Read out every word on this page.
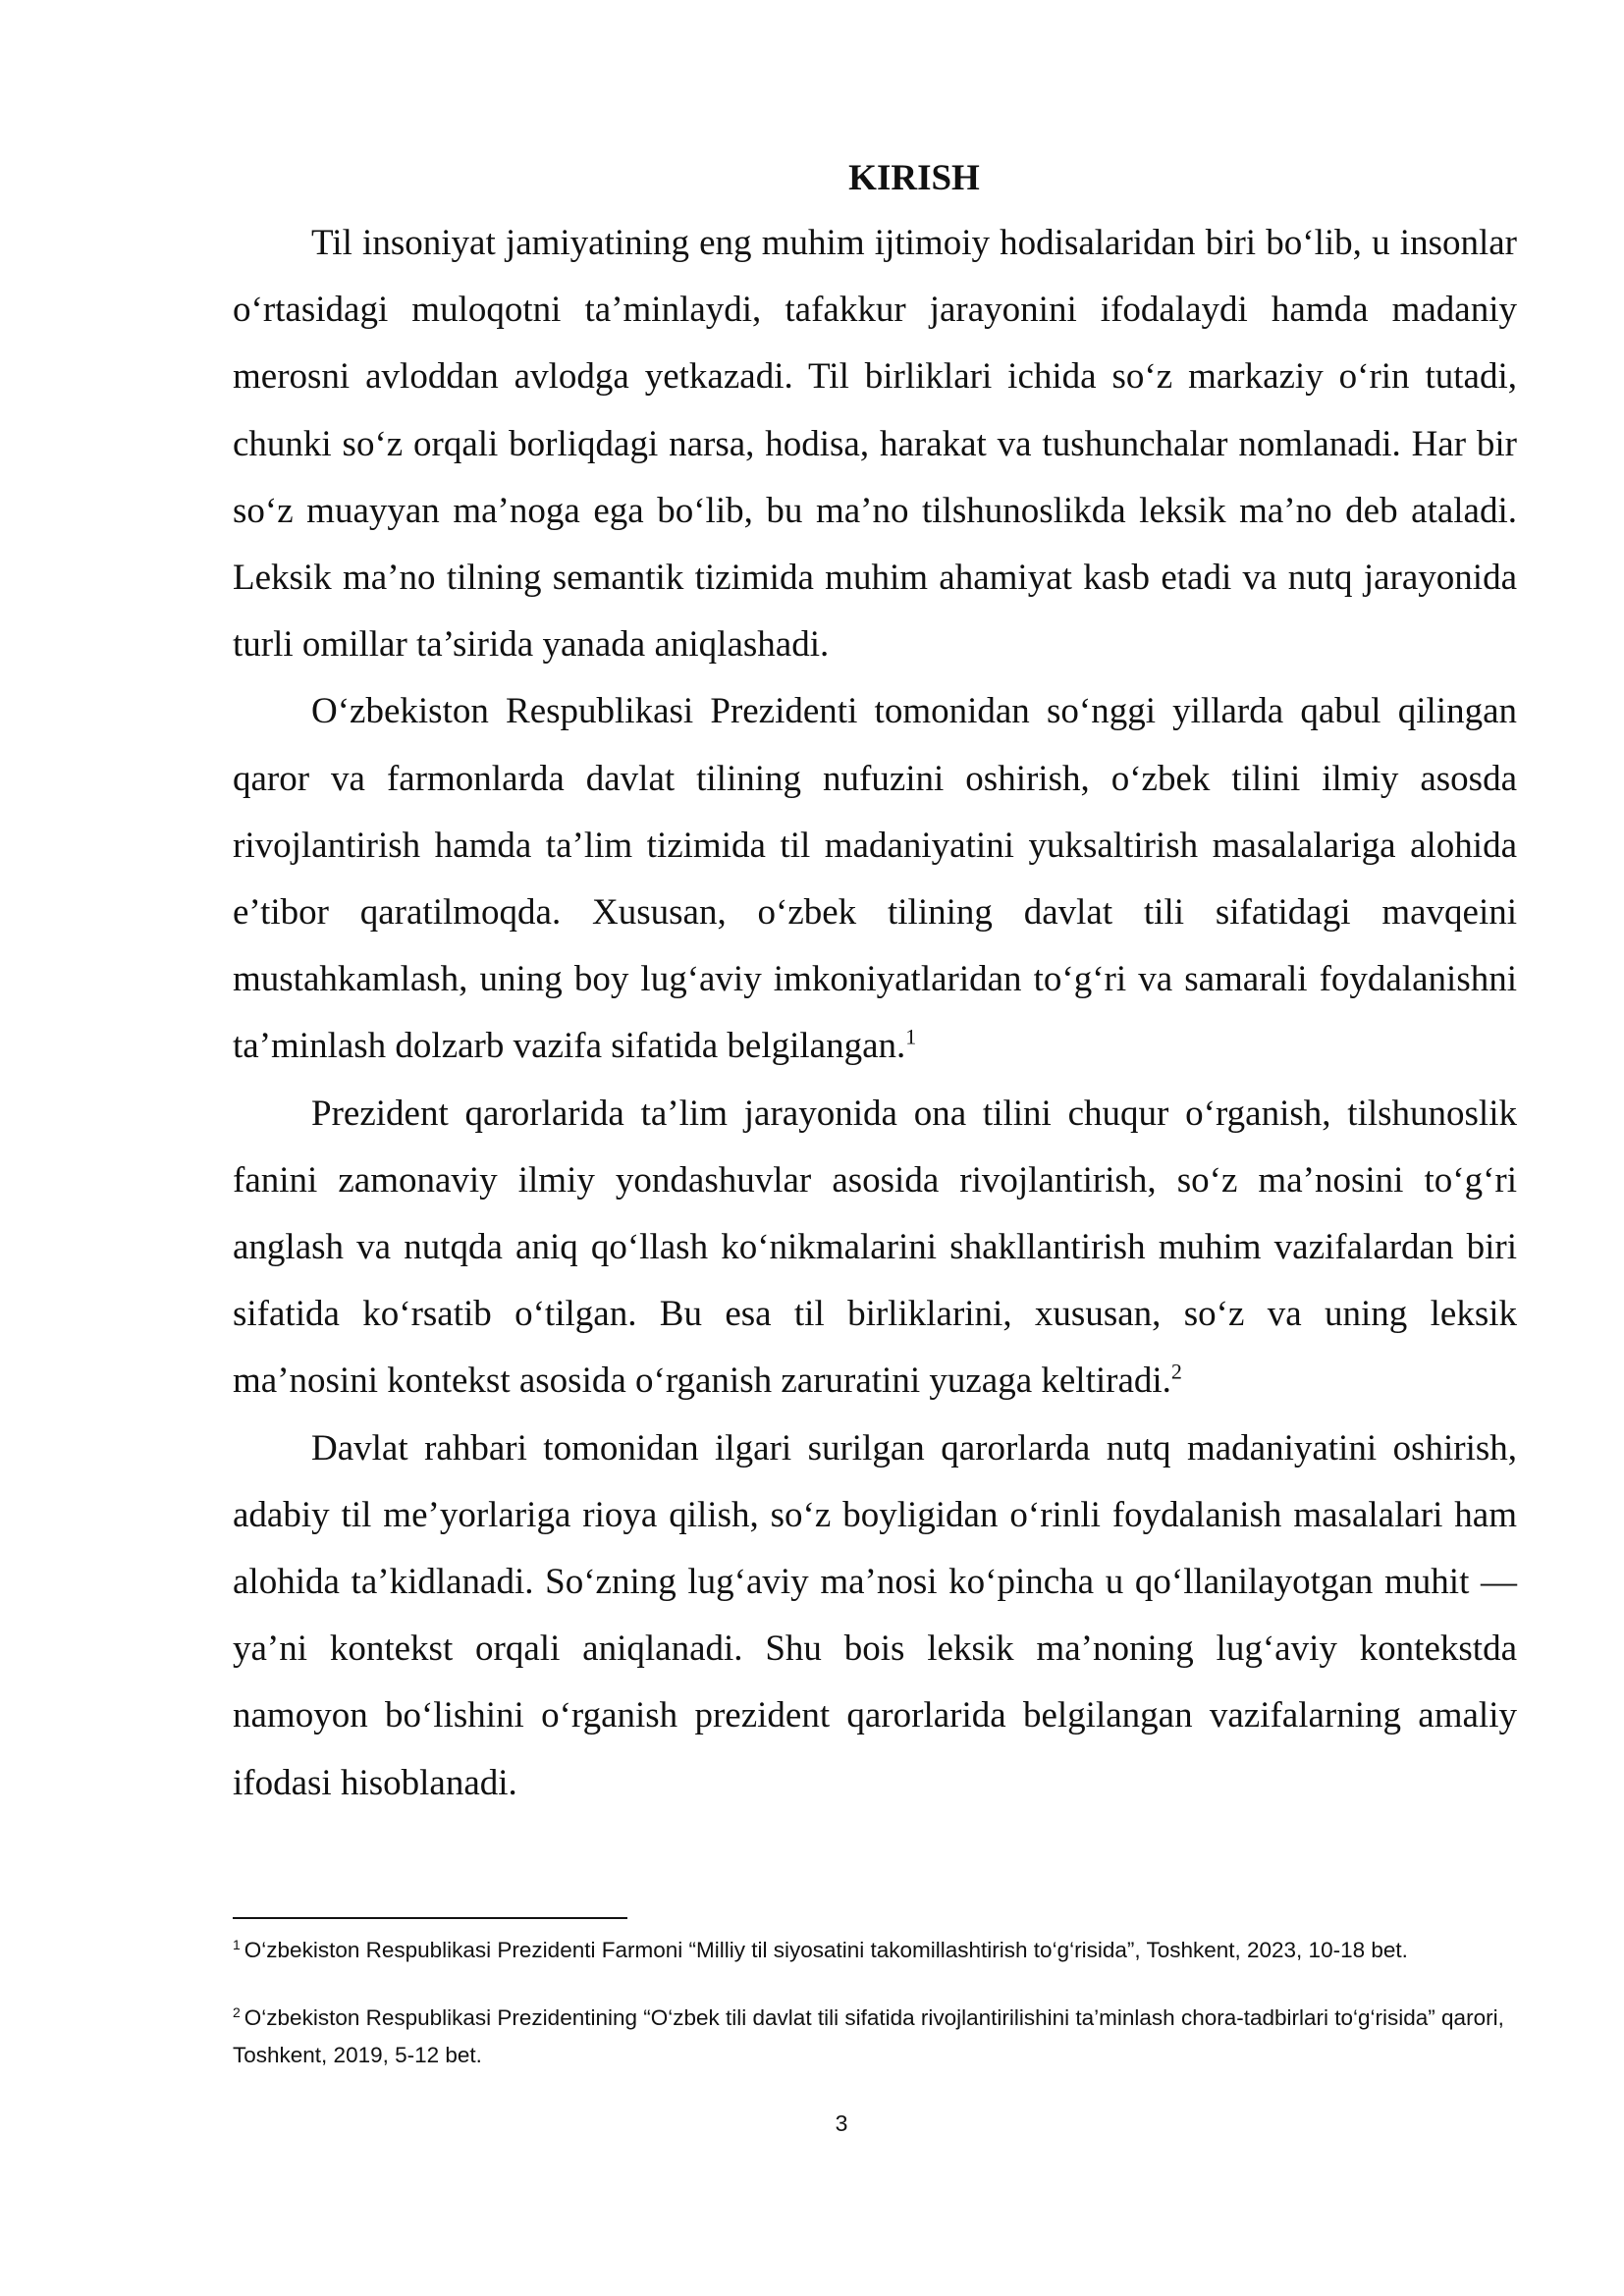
KIRISH

Til insoniyat jamiyatining eng muhim ijtimoiy hodisalaridan biri bo‘lib, u insonlar o‘rtasidagi muloqotni ta’minlaydi, tafakkur jarayonini ifodalaydi hamda madaniy merosni avloddan avlodga yetkazadi. Til birliklari ichida so‘z markaziy o‘rin tutadi, chunki so‘z orqali borliqdagi narsa, hodisa, harakat va tushunchalar nomlanadi. Har bir so‘z muayyan ma’noga ega bo‘lib, bu ma’no tilshunoslikda leksik ma’no deb ataladi. Leksik ma’no tilning semantik tizimida muhim ahamiyat kasb etadi va nutq jarayonida turli omillar ta’sirida yanada aniqlashadi.

O‘zbekiston Respublikasi Prezidenti tomonidan so‘nggi yillarda qabul qilingan qaror va farmonlarda davlat tilining nufuzini oshirish, o‘zbek tilini ilmiy asosda rivojlantirish hamda ta’lim tizimida til madaniyatini yuksaltirish masalalariga alohida e’tibor qaratilmoqda. Xususan, o‘zbek tilining davlat tili sifatidagi mavqeini mustahkamlash, uning boy lug‘aviy imkoniyatlaridan to‘g‘ri va samarali foydalanishni ta’minlash dolzarb vazifa sifatida belgilangan.$^1$

Prezident qarorlarida ta’lim jarayonida ona tilini chuqur o‘rganish, tilshunoslik fanini zamonaviy ilmiy yondashuvlar asosida rivojlantirish, so‘z ma’nosini to‘g‘ri anglash va nutqda aniq qo‘llash ko‘nikmalarini shakllantirish muhim vazifalardan biri sifatida ko‘rsatib o‘tilgan. Bu esa til birliklarini, xususan, so‘z va uning leksik ma’nosini kontekst asosida o‘rganish zaruratini yuzaga keltiradi.$^2$

Davlat rahbari tomonidan ilgari surilgan qarorlarda nutq madaniyatini oshirish, adabiy til me’yorlariga rioya qilish, so‘z boyligidan o‘rinli foydalanish masalalari ham alohida ta’kidlanadi. So‘zning lug‘aviy ma’nosi ko‘pincha u qo‘llanilayotgan muhit — ya’ni kontekst orqali aniqlanadi. Shu bois leksik ma’noning lug‘aviy kontekstda namoyon bo‘lishini o‘rganish prezident qarorlarida belgilangan vazifalarning amaliy ifodasi hisoblanadi.

$^1$ O‘zbekiston Respublikasi Prezidenti Farmoni “Milliy til siyosatini takomillashtirish to‘g‘risida”, Toshkent, 2023, 10-18 bet.

$^2$ O‘zbekiston Respublikasi Prezidentining “O‘zbek tili davlat tili sifatida rivojlantirilishini ta’minlash chora-tadbirlari to‘g‘risida” qarori, Toshkent, 2019, 5-12 bet.

3
